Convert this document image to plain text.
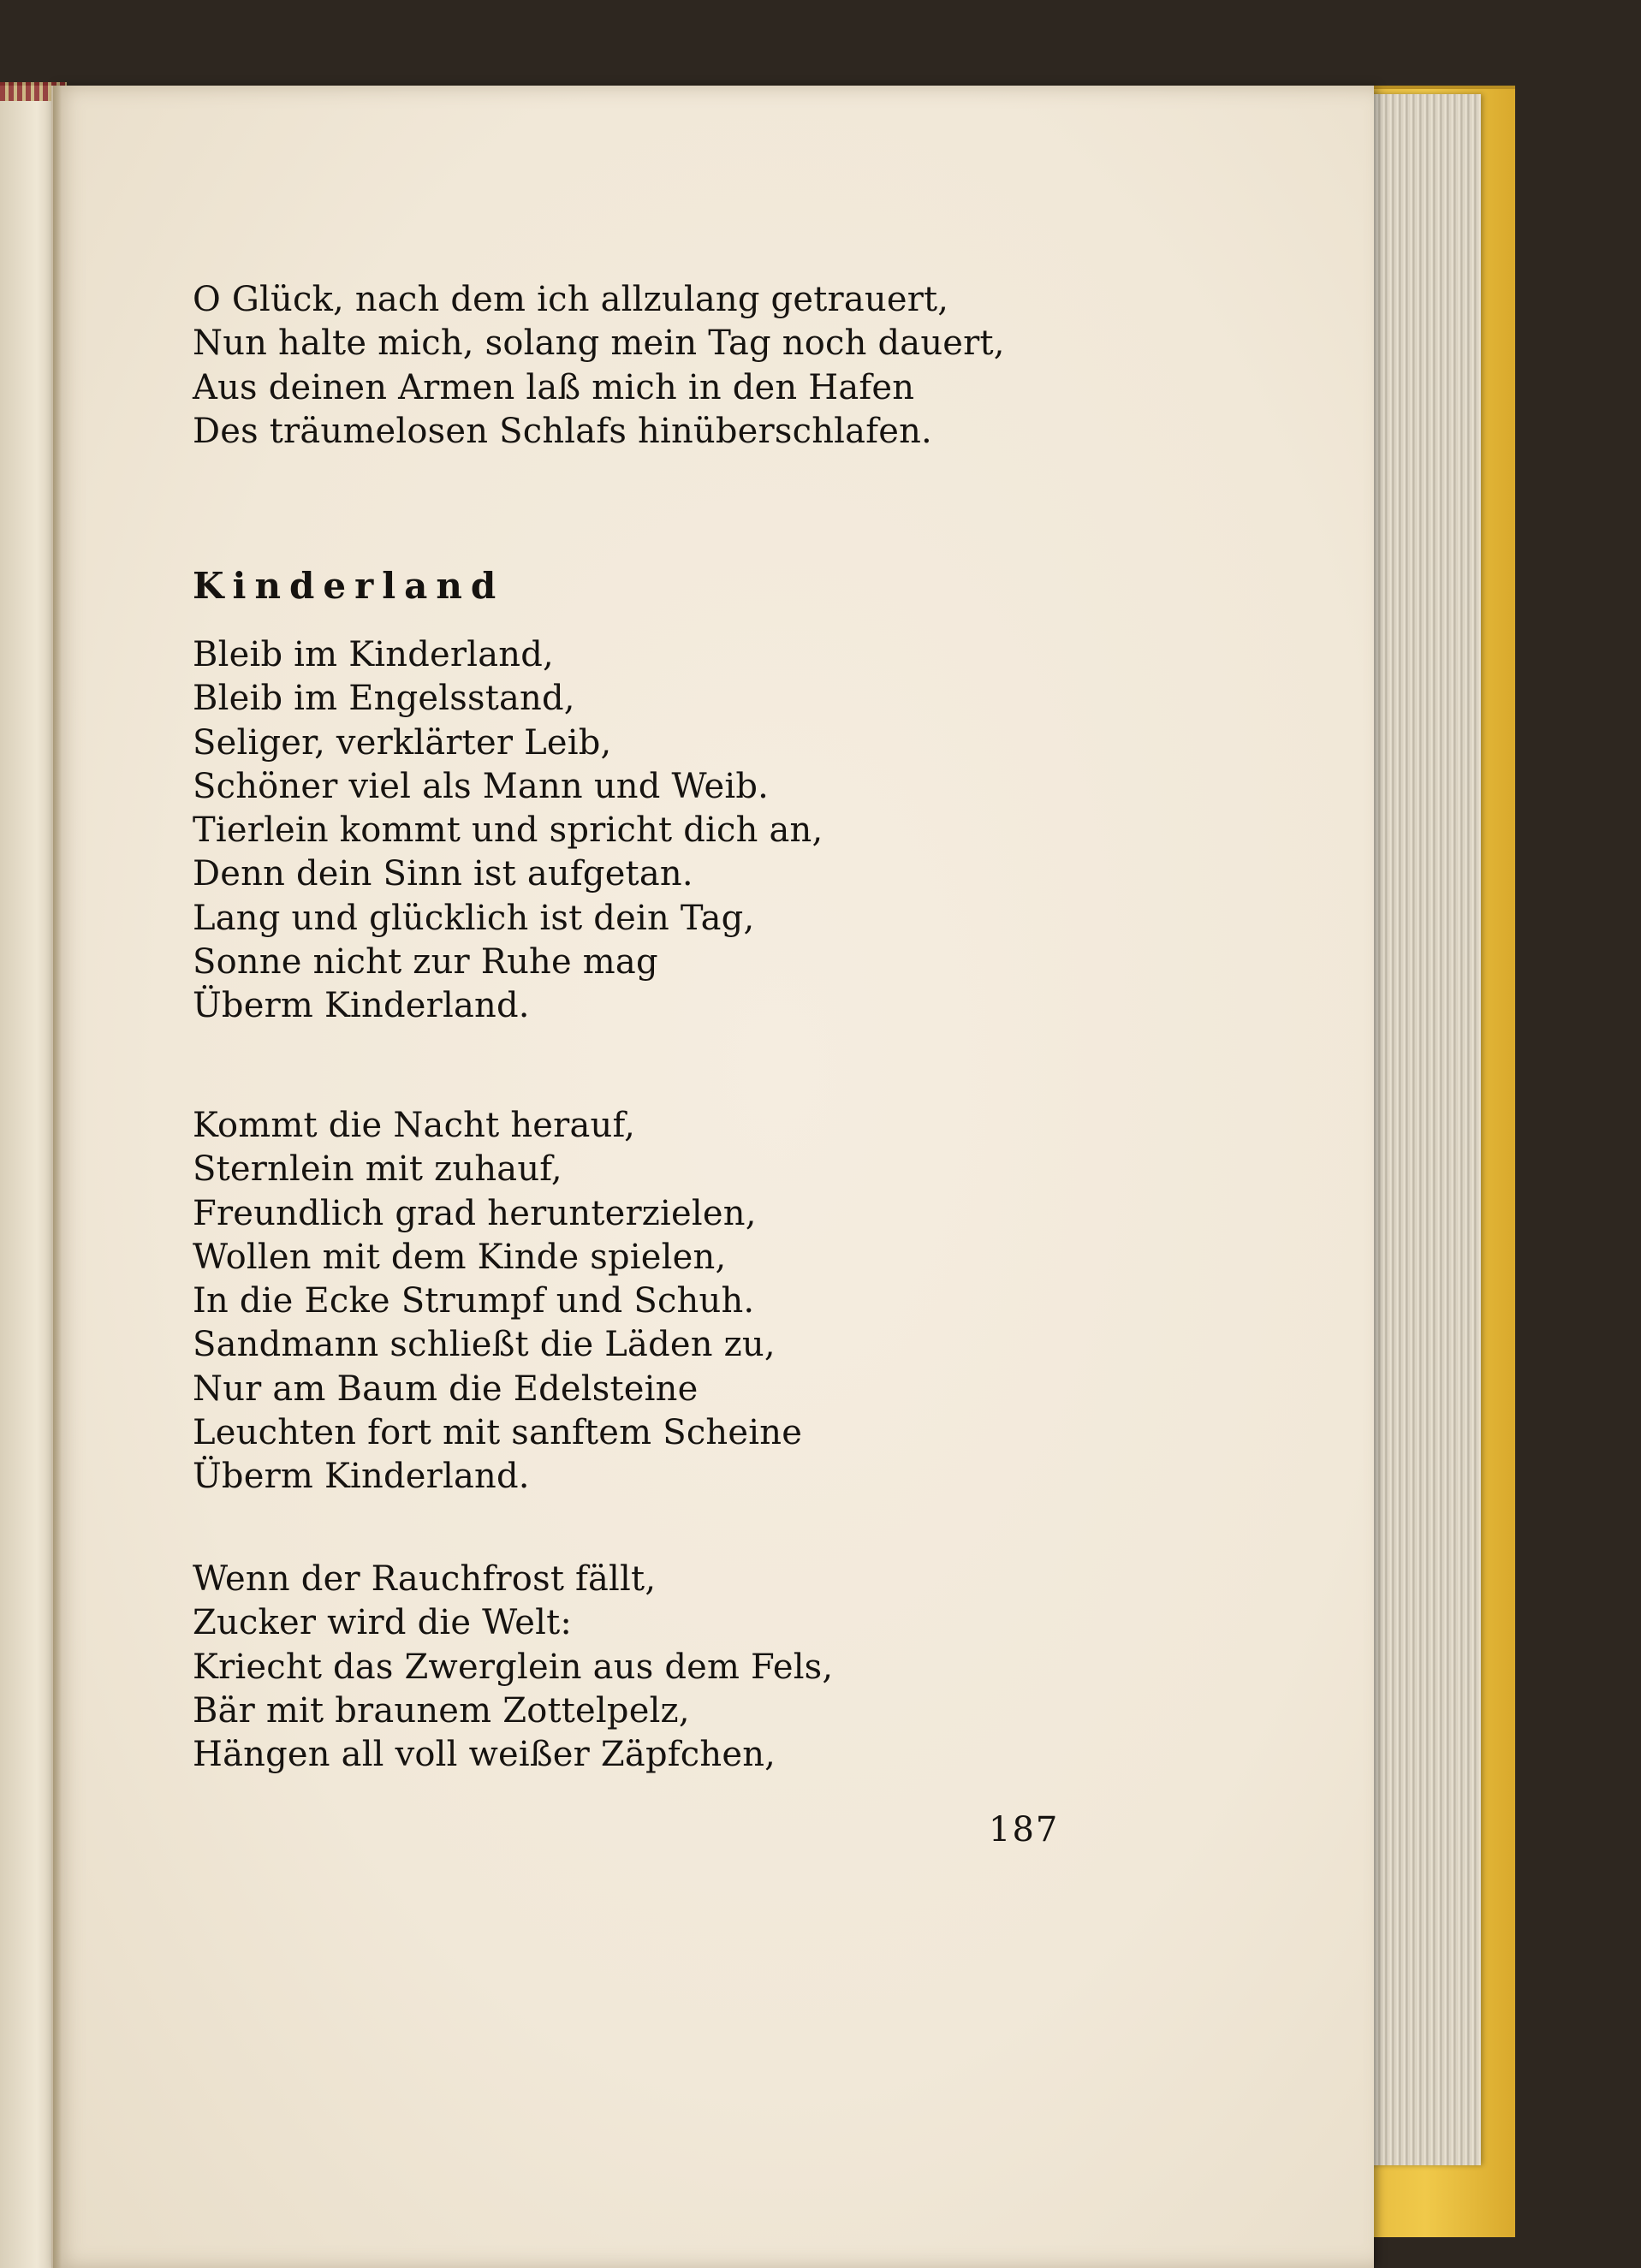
O Glück, nach dem ich allzulang getrauert,
Nun halte mich, solang mein Tag noch dauert,
Aus deinen Armen laß mich in den Hafen
Des träumelosen Schlafs hinüberschlafen.
Kinderland
Bleib im Kinderland,
Bleib im Engelsstand,
Seliger, verklärter Leib,
Schöner viel als Mann und Weib.
Tierlein kommt und spricht dich an,
Denn dein Sinn ist aufgetan.
Lang und glücklich ist dein Tag,
Sonne nicht zur Ruhe mag
Überm Kinderland.
Kommt die Nacht herauf,
Sternlein mit zuhauf,
Freundlich grad herunterzielen,
Wollen mit dem Kinde spielen,
In die Ecke Strumpf und Schuh.
Sandmann schließt die Läden zu,
Nur am Baum die Edelsteine
Leuchten fort mit sanftem Scheine
Überm Kinderland.
Wenn der Rauchfrost fällt,
Zucker wird die Welt:
Kriecht das Zwerglein aus dem Fels,
Bär mit braunem Zottelpelz,
Hängen all voll weißer Zäpfchen,
187
